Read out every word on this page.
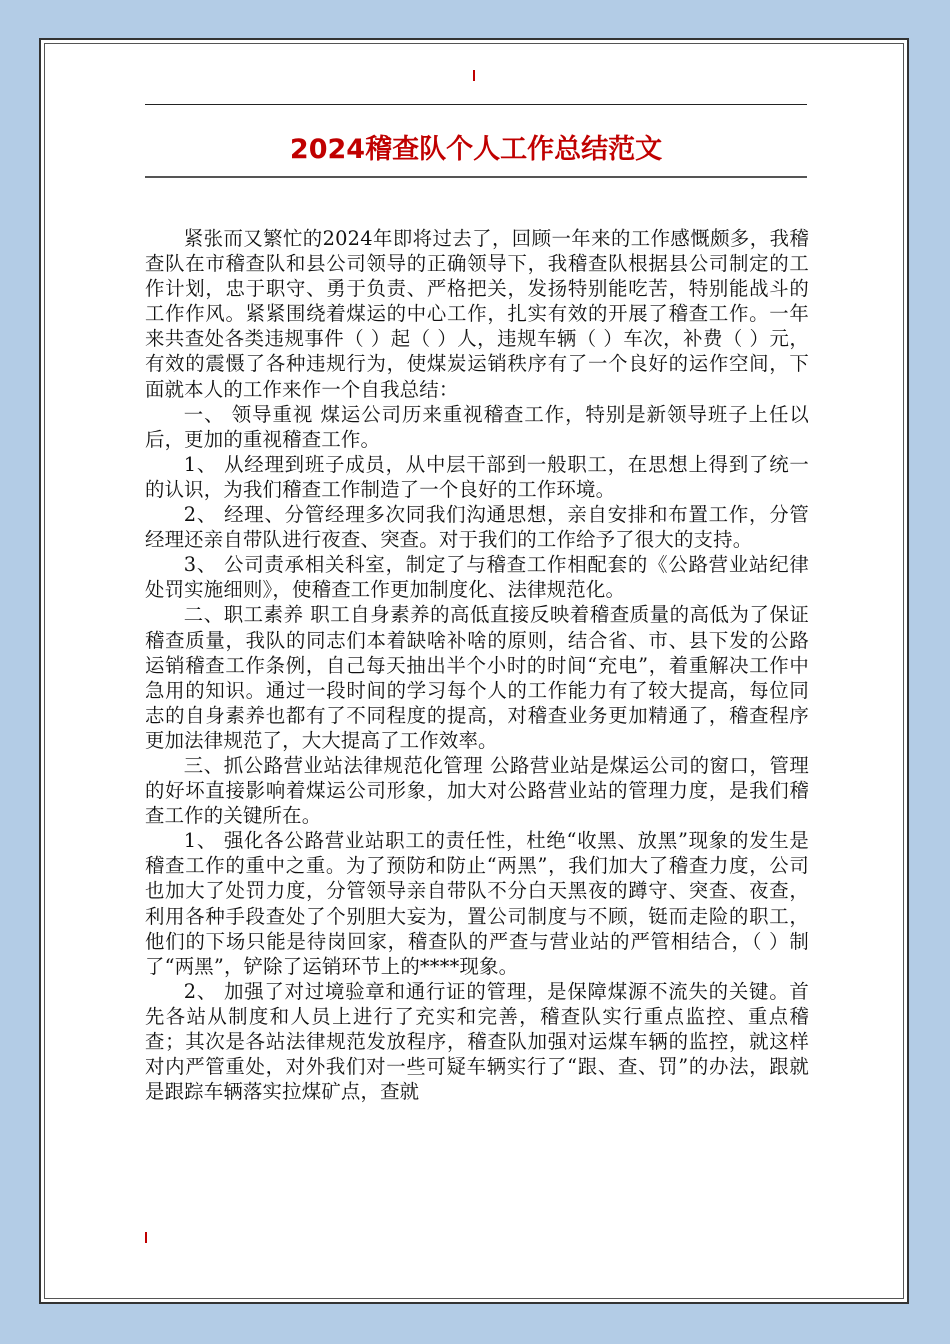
2024稽查队个人工作总结范文

紧张而又繁忙的2024年即将过去了，回顾一年来的工作感慨颇多，我稽查队在市稽查队和县公司领导的正确领导下，我稽查队根据县公司制定的工作计划，忠于职守、勇于负责、严格把关，发扬特别能吃苦，特别能战斗的工作作风。紧紧围绕着煤运的中心工作，扎实有效的开展了稽查工作。一年来共查处各类违规事件（ ）起（ ）人，违规车辆（ ）车次，补费（ ）元，有效的震慑了各种违规行为，使煤炭运销秩序有了一个良好的运作空间，下面就本人的工作来作一个自我总结：

一、 领导重视 煤运公司历来重视稽查工作，特别是新领导班子上任以后，更加的重视稽查工作。

1、 从经理到班子成员，从中层干部到一般职工，在思想上得到了统一的认识，为我们稽查工作制造了一个良好的工作环境。

2、 经理、分管经理多次同我们沟通思想，亲自安排和布置工作，分管经理还亲自带队进行夜查、突查。对于我们的工作给予了很大的支持。

3、 公司责承相关科室，制定了与稽查工作相配套的《公路营业站纪律处罚实施细则》，使稽查工作更加制度化、法律规范化。

二、职工素养 职工自身素养的高低直接反映着稽查质量的高低为了保证稽查质量，我队的同志们本着缺啥补啥的原则，结合省、市、县下发的公路运销稽查工作条例，自己每天抽出半个小时的时间“充电”，着重解决工作中急用的知识。通过一段时间的学习每个人的工作能力有了较大提高，每位同志的自身素养也都有了不同程度的提高，对稽查业务更加精通了，稽查程序更加法律规范了，大大提高了工作效率。

三、抓公路营业站法律规范化管理 公路营业站是煤运公司的窗口，管理的好坏直接影响着煤运公司形象，加大对公路营业站的管理力度，是我们稽查工作的关键所在。

1、 强化各公路营业站职工的责任性，杜绝“收黑、放黑”现象的发生是稽查工作的重中之重。为了预防和防止“两黑”，我们加大了稽查力度，公司也加大了处罚力度，分管领导亲自带队不分白天黑夜的蹲守、突查、夜查，利用各种手段查处了个别胆大妄为，置公司制度与不顾，铤而走险的职工，他们的下场只能是待岗回家，稽查队的严查与营业站的严管相结合，（ ）制了“两黑”，铲除了运销环节上的****现象。

2、 加强了对过境验章和通行证的管理，是保障煤源不流失的关键。首先各站从制度和人员上进行了充实和完善，稽查队实行重点监控、重点稽查；其次是各站法律规范发放程序，稽查队加强对运煤车辆的监控，就这样对内严管重处，对外我们对一些可疑车辆实行了“跟、查、罚”的办法，跟就是跟踪车辆落实拉煤矿点，查就
